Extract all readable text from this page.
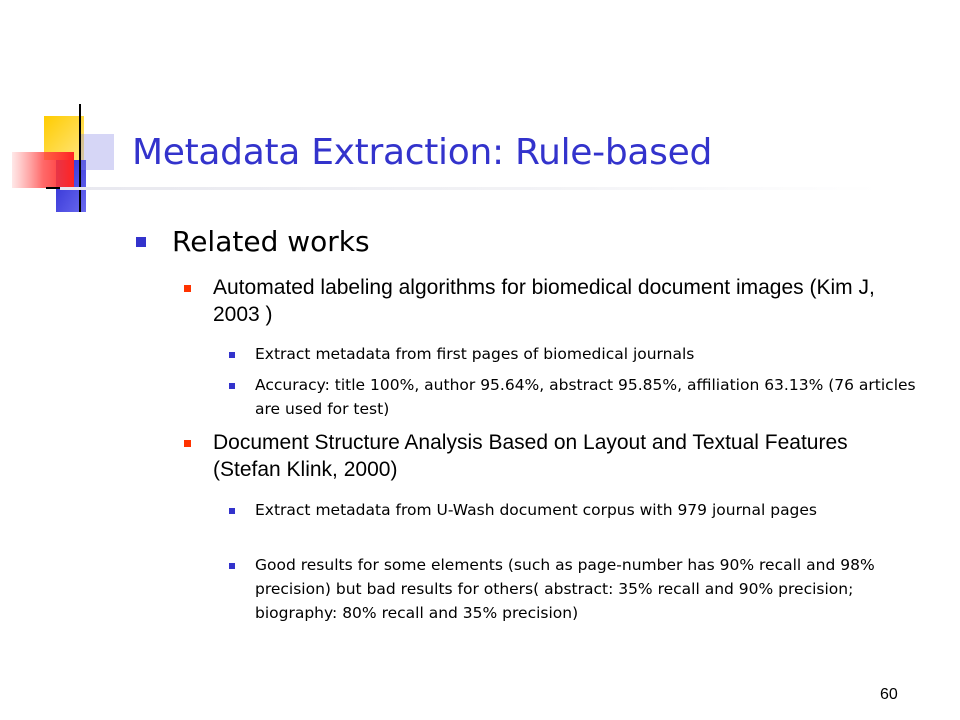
Metadata Extraction: Rule-based
Related works
Automated labeling algorithms for biomedical document images (Kim J, 2003 )
Extract metadata from first pages of biomedical journals
Accuracy: title 100%, author 95.64%, abstract 95.85%, affiliation 63.13% (76 articles are used for test)
Document Structure Analysis Based on Layout and Textual Features (Stefan Klink, 2000)
Extract metadata from U-Wash document corpus with 979 journal pages
Good results for some elements (such as page-number has 90% recall and 98% precision) but bad results for others( abstract: 35% recall and 90% precision; biography: 80% recall and 35% precision)
60
